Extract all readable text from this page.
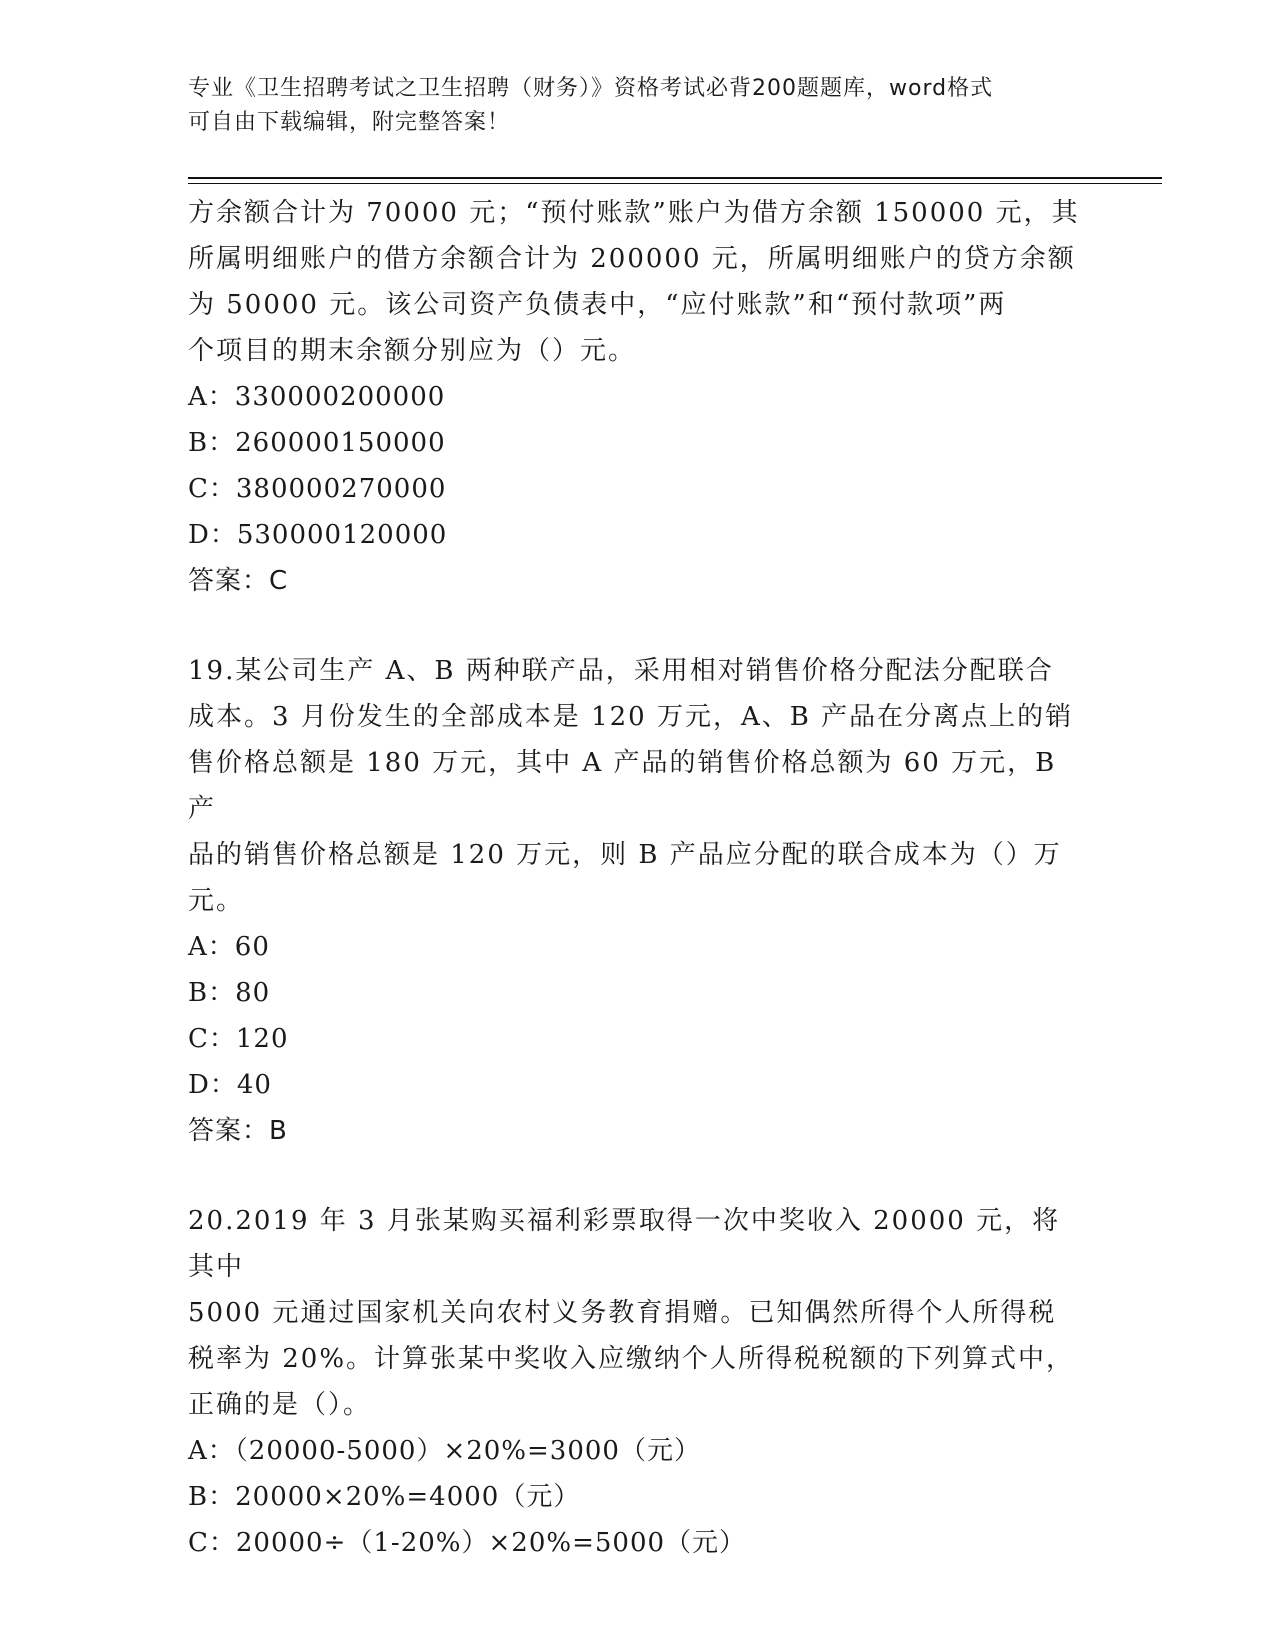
专业《卫生招聘考试之卫生招聘（财务）》资格考试必背200题题库，word格式
可自由下载编辑，附完整答案！

方余额合计为 70000 元；“预付账款”账户为借方余额 150000 元，其

所属明细账户的借方余额合计为 200000 元，所属明细账户的贷方余额

为 50000 元。该公司资产负债表中，“应付账款”和“预付款项”两

个项目的期末余额分别应为（）元。

A：330000200000

B：260000150000

C：380000270000

D：530000120000

答案：C

19.某公司生产 A、B 两种联产品，采用相对销售价格分配法分配联合

成本。3 月份发生的全部成本是 120 万元，A、B 产品在分离点上的销

售价格总额是 180 万元，其中 A 产品的销售价格总额为 60 万元，B 产

品的销售价格总额是 120 万元，则 B 产品应分配的联合成本为（）万

元。

A：60

B：80

C：120

D：40

答案：B

20.2019 年 3 月张某购买福利彩票取得一次中奖收入 20000 元，将其中

5000 元通过国家机关向农村义务教育捐赠。已知偶然所得个人所得税

税率为 20%。计算张某中奖收入应缴纳个人所得税税额的下列算式中，

正确的是（）。

A：（20000-5000）×20%=3000（元）

B：20000×20%=4000（元）

C：20000÷（1-20%）×20%=5000（元）
